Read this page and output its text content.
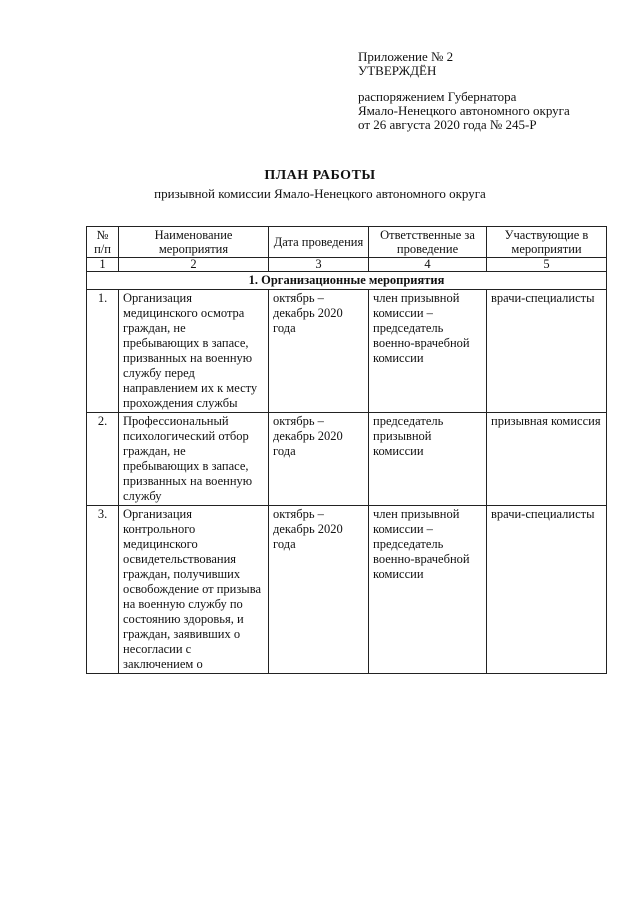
Приложение № 2
УТВЕРЖДЁН
распоряжением Губернатора
Ямало-Ненецкого автономного округа
от 26 августа 2020 года № 245-Р
ПЛАН РАБОТЫ
призывной комиссии Ямало-Ненецкого автономного округа
№ п/п	Наименование мероприятия	Дата проведения	Ответственные за проведение	Участвующие в мероприятии
1	2	3	4	5
1. Организационные мероприятия				
1.	Организация медицинского осмотра граждан, не пребывающих в запасе, призванных на военную службу перед направлением их к месту прохождения службы	октябрь – декабрь 2020 года	член призывной комиссии – председатель военно-врачебной комиссии	врачи-специалисты
2.	Профессиональный психологический отбор граждан, не пребывающих в запасе, призванных на военную службу	октябрь – декабрь 2020 года	председатель призывной комиссии	призывная комиссия
3.	Организация контрольного медицинского освидетельствования граждан, получивших освобождение от призыва на военную службу по состоянию здоровья, и граждан, заявивших о несогласии с заключением о	октябрь – декабрь 2020 года	член призывной комиссии – председатель военно-врачебной комиссии	врачи-специалисты
